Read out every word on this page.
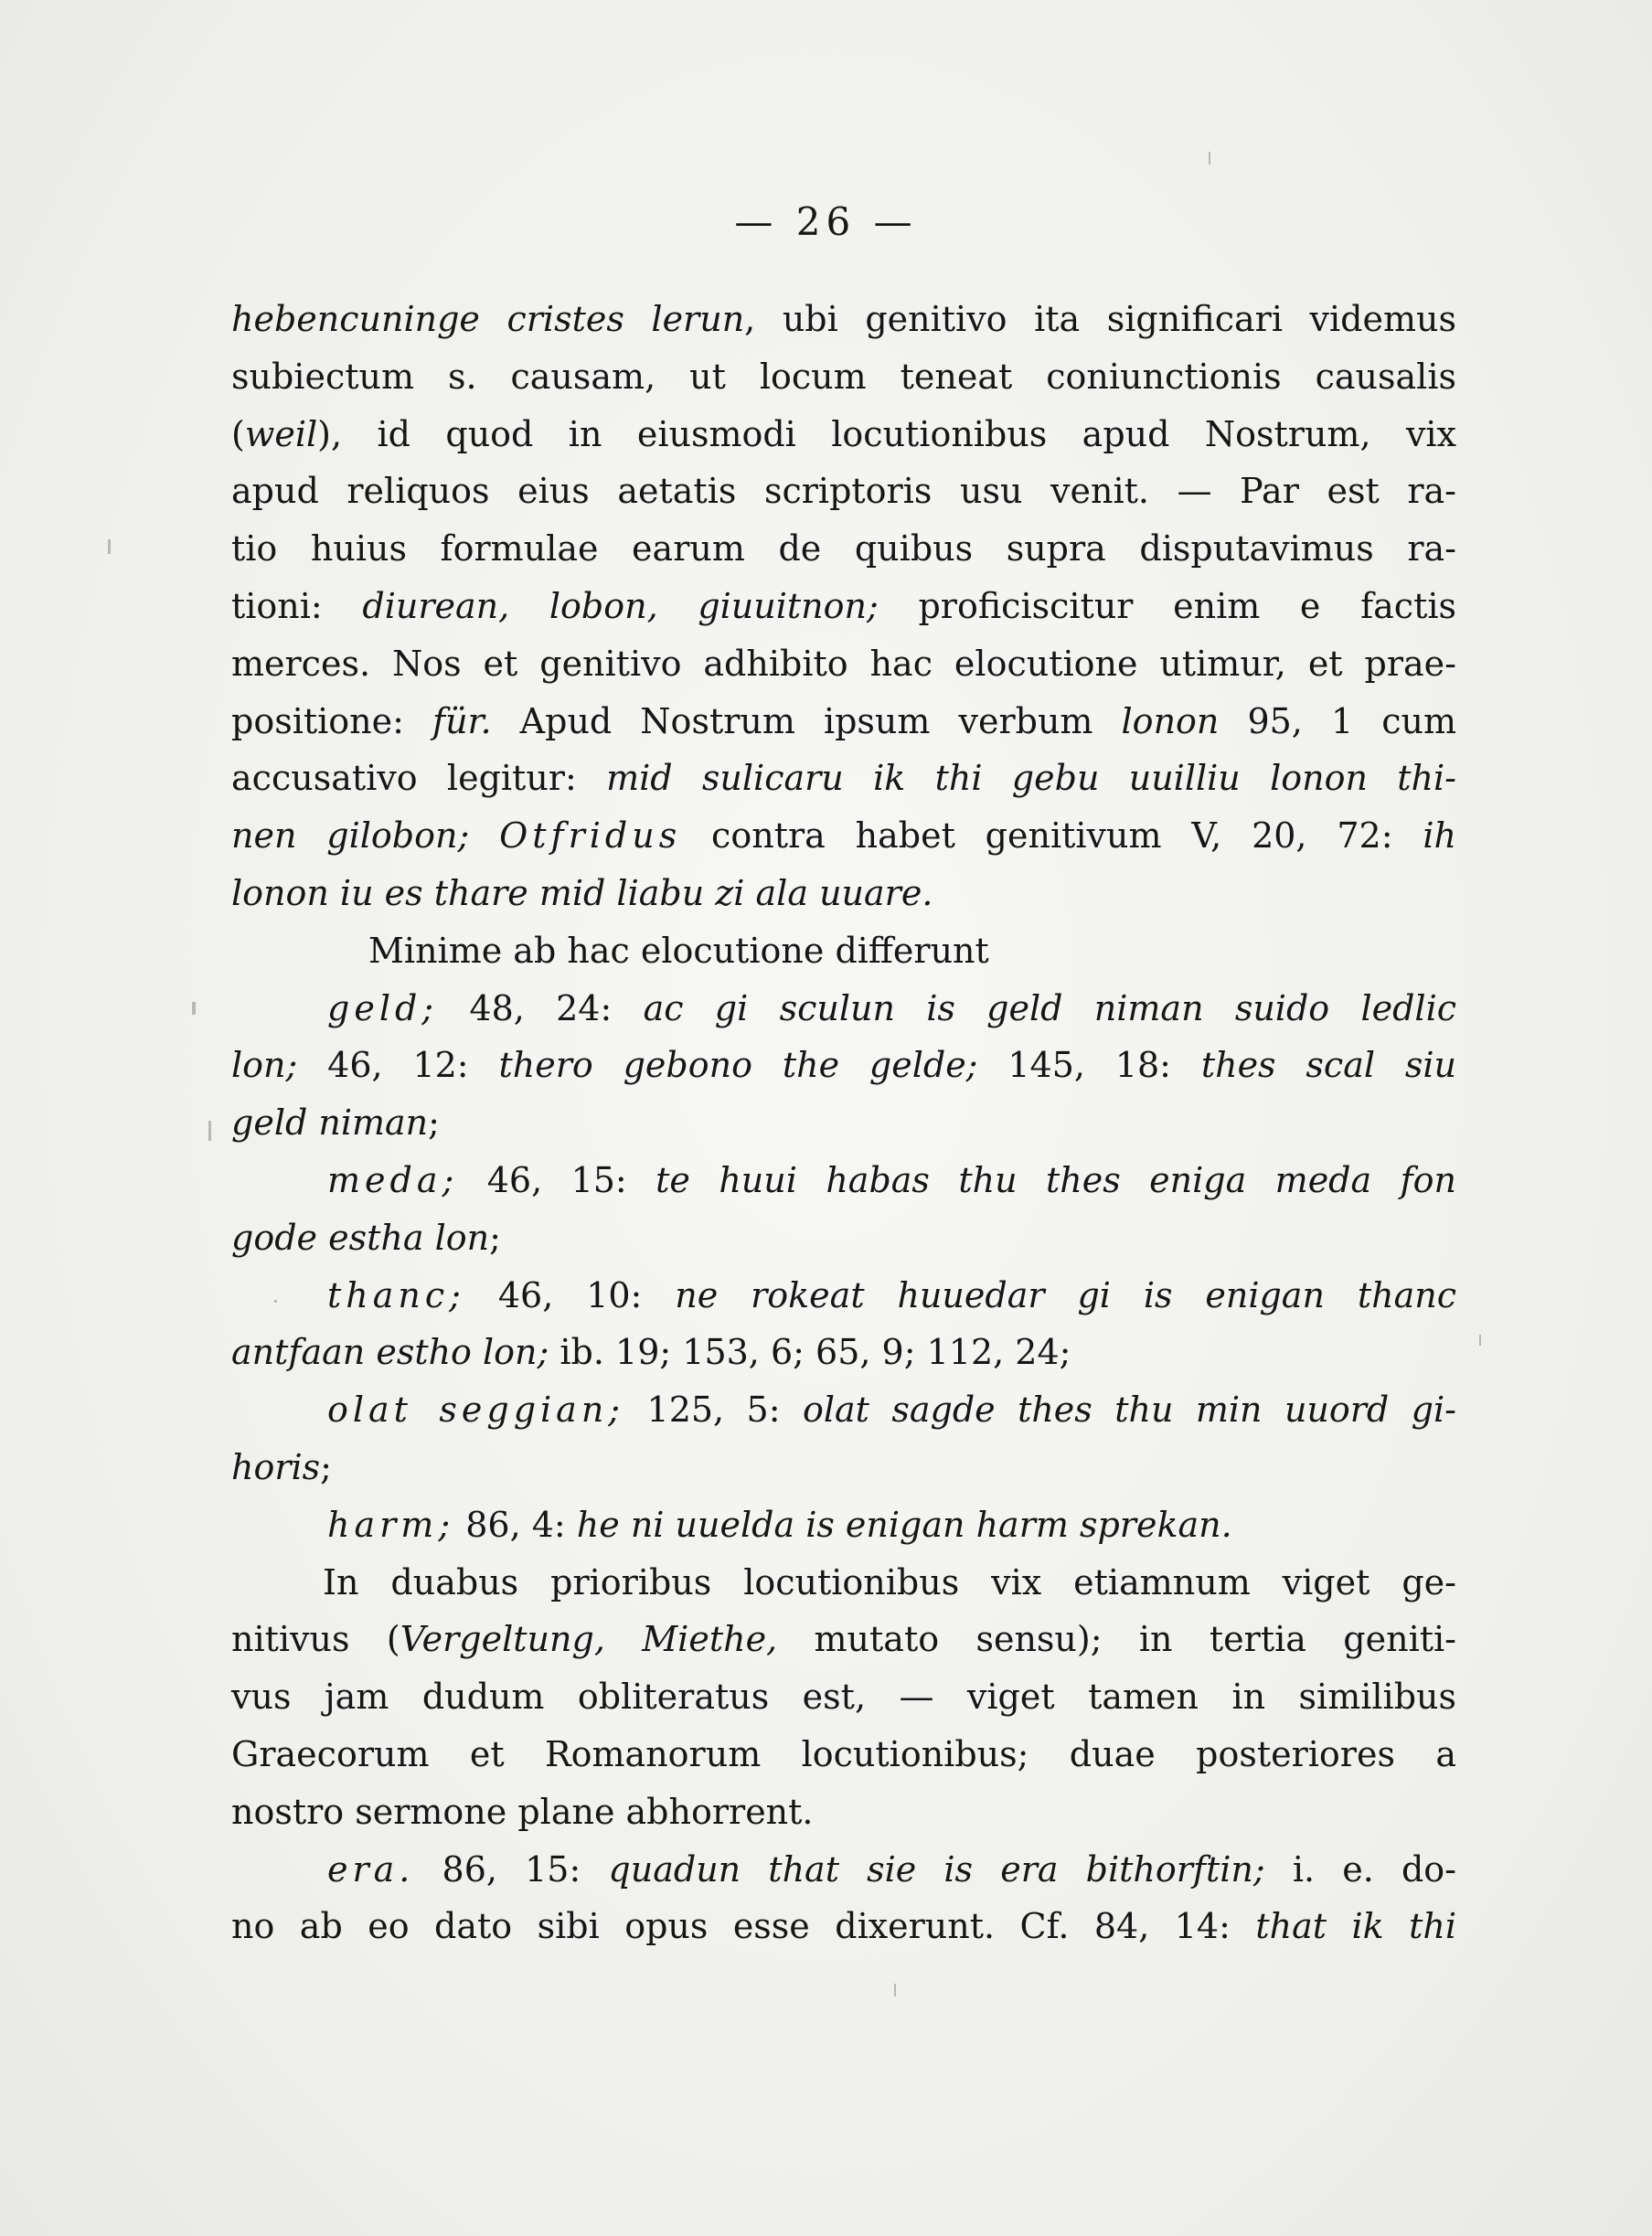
— 26 —
hebencuninge cristes lerun, ubi genitivo ita significari videmus
subiectum s. causam, ut locum teneat coniunctionis causalis
(weil), id quod in eiusmodi locutionibus apud Nostrum, vix
apud reliquos eius aetatis scriptoris usu venit. — Par est ra-
tio huius formulae earum de quibus supra disputavimus ra-
tioni: diurean, lobon, giuuitnon; proficiscitur enim e factis
merces. Nos et genitivo adhibito hac elocutione utimur, et prae-
positione: für. Apud Nostrum ipsum verbum lonon 95, 1 cum
accusativo legitur: mid sulicaru ik thi gebu uuilliu lonon thi-
nen gilobon; Otfridus contra habet genitivum V, 20, 72: ih
lonon iu es thare mid liabu zi ala uuare.
Minime ab hac elocutione differunt
geld; 48, 24: ac gi sculun is geld niman suido ledlic
lon; 46, 12: thero gebono the gelde; 145, 18: thes scal siu
geld niman;
meda; 46, 15: te huui habas thu thes eniga meda fon
gode estha lon;
thanc; 46, 10: ne rokeat huuedar gi is enigan thanc
antfaan estho lon; ib. 19; 153, 6; 65, 9; 112, 24;
olat seggian; 125, 5: olat sagde thes thu min uuord gi-
horis;
harm; 86, 4: he ni uuelda is enigan harm sprekan.
In duabus prioribus locutionibus vix etiamnum viget ge-
nitivus (Vergeltung, Miethe, mutato sensu); in tertia geniti-
vus jam dudum obliteratus est, — viget tamen in similibus
Graecorum et Romanorum locutionibus; duae posteriores a
nostro sermone plane abhorrent.
era. 86, 15: quadun that sie is era bithorftin; i. e. do-
no ab eo dato sibi opus esse dixerunt. Cf. 84, 14: that ik thi
